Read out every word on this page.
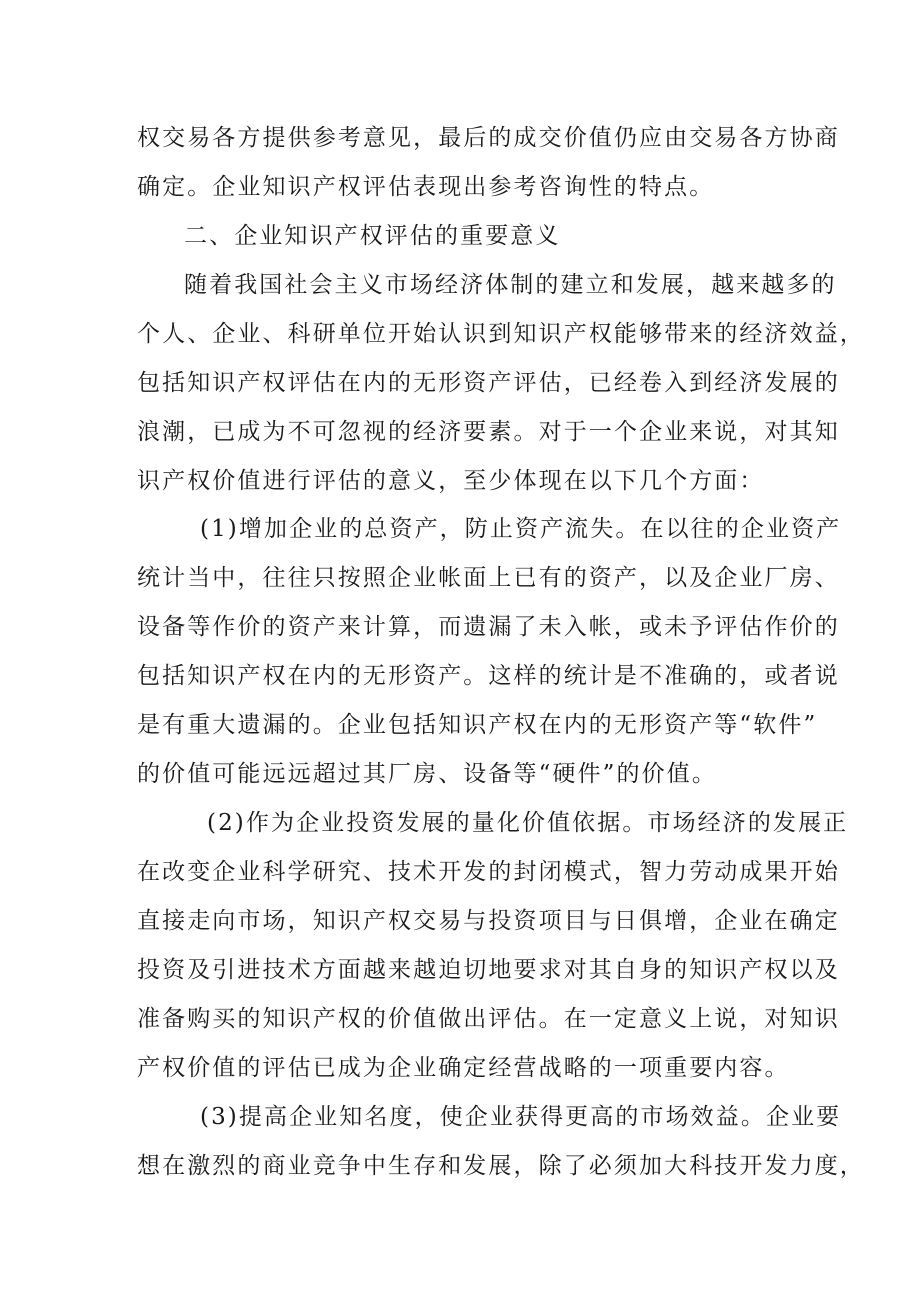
权交易各方提供参考意见，最后的成交价值仍应由交易各方协商
确定。企业知识产权评估表现出参考咨询性的特点。
二、企业知识产权评估的重要意义
随着我国社会主义市场经济体制的建立和发展，越来越多的
个人、企业、科研单位开始认识到知识产权能够带来的经济效益，
包括知识产权评估在内的无形资产评估，已经卷入到经济发展的
浪潮，已成为不可忽视的经济要素。对于一个企业来说，对其知
识产权价值进行评估的意义，至少体现在以下几个方面：
(1)增加企业的总资产，防止资产流失。在以往的企业资产
统计当中，往往只按照企业帐面上已有的资产，以及企业厂房、
设备等作价的资产来计算，而遗漏了未入帐，或未予评估作价的
包括知识产权在内的无形资产。这样的统计是不准确的，或者说
是有重大遗漏的。企业包括知识产权在内的无形资产等“软件”
的价值可能远远超过其厂房、设备等“硬件”的价值。
(2)作为企业投资发展的量化价值依据。市场经济的发展正
在改变企业科学研究、技术开发的封闭模式，智力劳动成果开始
直接走向市场，知识产权交易与投资项目与日俱增，企业在确定
投资及引进技术方面越来越迫切地要求对其自身的知识产权以及
准备购买的知识产权的价值做出评估。在一定意义上说，对知识
产权价值的评估已成为企业确定经营战略的一项重要内容。
(3)提高企业知名度，使企业获得更高的市场效益。企业要
想在激烈的商业竞争中生存和发展，除了必须加大科技开发力度，
